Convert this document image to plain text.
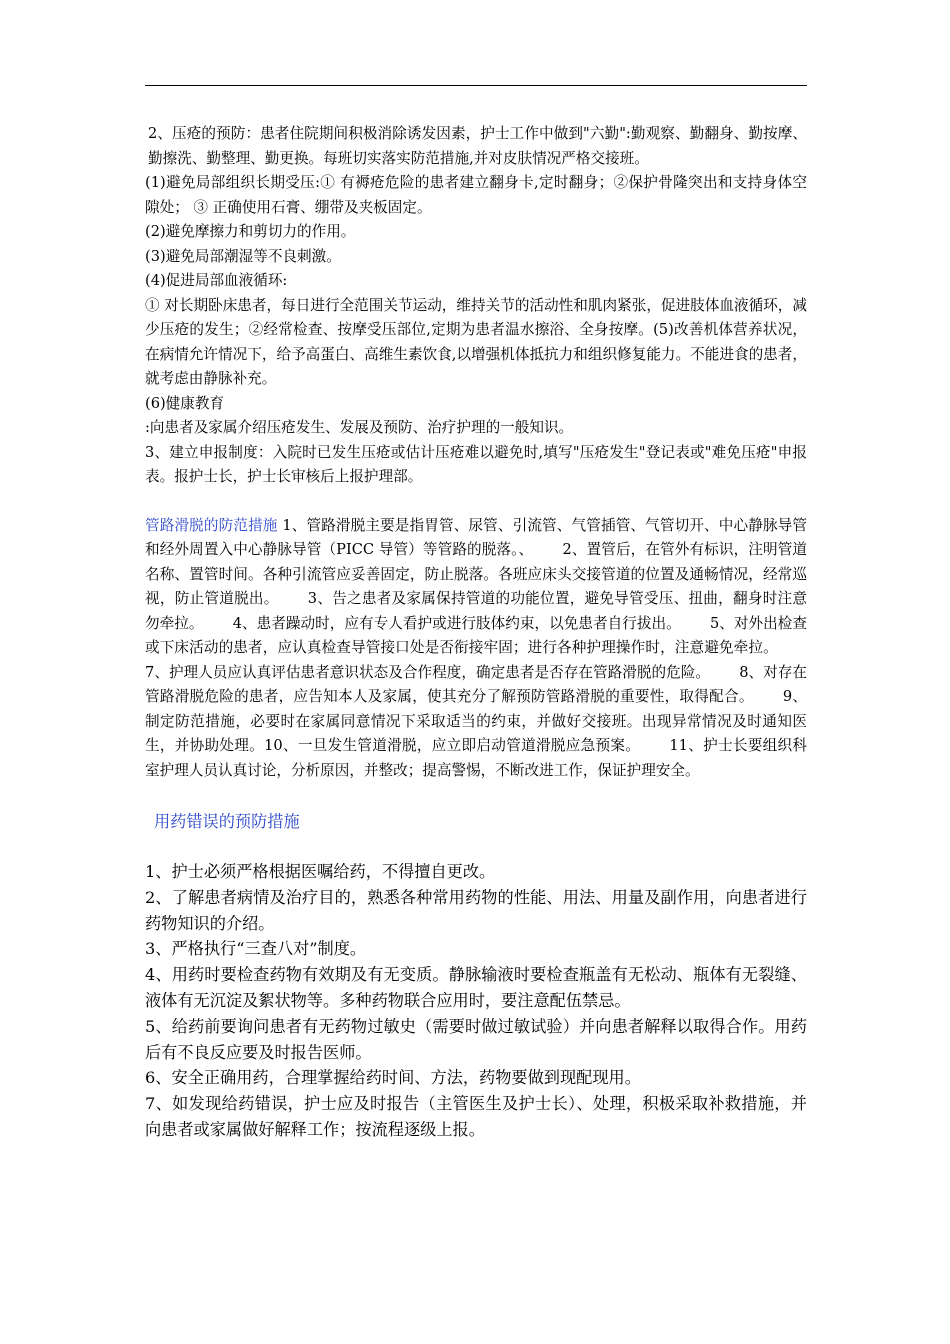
2、压疮的预防：患者住院期间积极消除诱发因素，护士工作中做到"六勤":勤观察、勤翻身、勤按摩、勤擦洗、勤整理、勤更换。每班切实落实防范措施,并对皮肤情况严格交接班。

(1)避免局部组织长期受压:① 有褥疮危险的患者建立翻身卡,定时翻身；②保护骨隆突出和支持身体空隙处； ③ 正确使用石膏、绷带及夹板固定。

(2)避免摩擦力和剪切力的作用。

(3)避免局部潮湿等不良刺激。

(4)促进局部血液循环:

① 对长期卧床患者，每日进行全范围关节运动，维持关节的活动性和肌肉紧张，促进肢体血液循环，减少压疮的发生；②经常检查、按摩受压部位,定期为患者温水擦浴、全身按摩。(5)改善机体营养状况，在病情允许情况下，给予高蛋白、高维生素饮食,以增强机体抵抗力和组织修复能力。不能进食的患者，就考虑由静脉补充。

(6)健康教育

:向患者及家属介绍压疮发生、发展及预防、治疗护理的一般知识。

3、建立申报制度：入院时已发生压疮或估计压疮难以避免时,填写"压疮发生"登记表或"难免压疮"申报表。报护士长，护士长审核后上报护理部。

管路滑脱的防范措施 1、管路滑脱主要是指胃管、尿管、引流管、气管插管、气管切开、中心静脉导管和经外周置入中心静脉导管（PICC 导管）等管路的脱落。、 2、置管后，在管外有标识，注明管道名称、置管时间。各种引流管应妥善固定，防止脱落。各班应床头交接管道的位置及通畅情况，经常巡视，防止管道脱出。 3、告之患者及家属保持管道的功能位置，避免导管受压、扭曲，翻身时注意勿牵拉。 4、患者躁动时，应有专人看护或进行肢体约束，以免患者自行拔出。 5、对外出检查或下床活动的患者，应认真检查导管接口处是否衔接牢固；进行各种护理操作时，注意避免牵拉。7、护理人员应认真评估患者意识状态及合作程度，确定患者是否存在管路滑脱的危险。 8、对存在管路滑脱危险的患者，应告知本人及家属，使其充分了解预防管路滑脱的重要性，取得配合。 9、制定防范措施，必要时在家属同意情况下采取适当的约束，并做好交接班。出现异常情况及时通知医生，并协助处理。10、一旦发生管道滑脱，应立即启动管道滑脱应急预案。 11、护士长要组织科室护理人员认真讨论，分析原因，并整改；提高警惕，不断改进工作，保证护理安全。
用药错误的预防措施

1、护士必须严格根据医嘱给药，不得擅自更改。

2、了解患者病情及治疗目的，熟悉各种常用药物的性能、用法、用量及副作用，向患者进行药物知识的介绍。

3、严格执行“三查八对”制度。

4、用药时要检查药物有效期及有无变质。静脉输液时要检查瓶盖有无松动、瓶体有无裂缝、液体有无沉淀及絮状物等。多种药物联合应用时，要注意配伍禁忌。

5、给药前要询问患者有无药物过敏史（需要时做过敏试验）并向患者解释以取得合作。用药后有不良反应要及时报告医师。

6、安全正确用药，合理掌握给药时间、方法，药物要做到现配现用。

7、如发现给药错误，护士应及时报告（主管医生及护士长）、处理，积极采取补救措施，并向患者或家属做好解释工作；按流程逐级上报。
